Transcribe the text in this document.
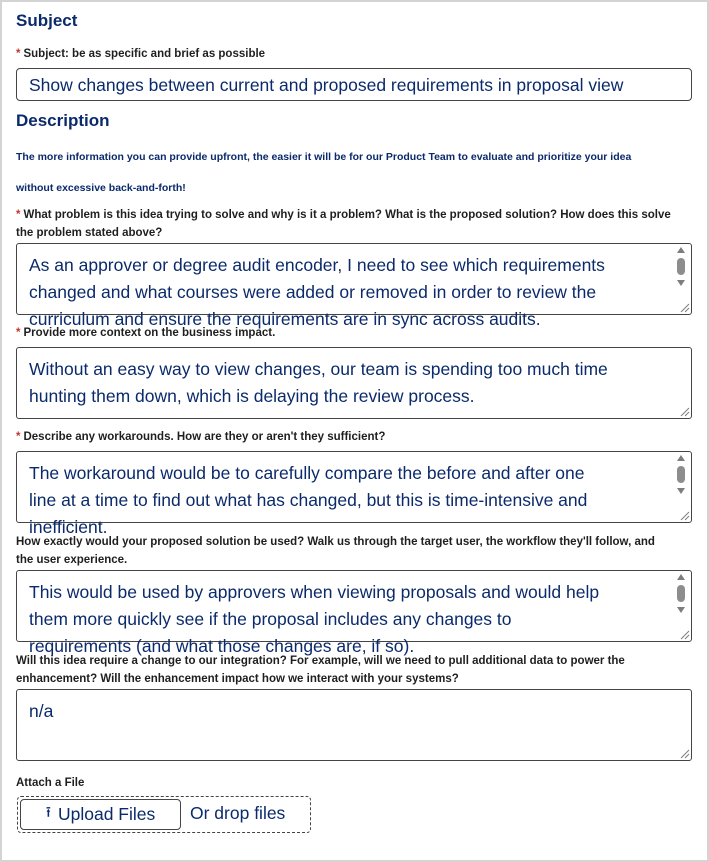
Subject
* Subject: be as specific and brief as possible
Show changes between current and proposed requirements in proposal view
Description
The more information you can provide upfront, the easier it will be for our Product Team to evaluate and prioritize your idea
without excessive back-and-forth!
* What problem is this idea trying to solve and why is it a problem? What is the proposed solution? How does this solve
the problem stated above?
As an approver or degree audit encoder, I need to see which requirements
changed and what courses were added or removed in order to review the
curriculum and ensure the requirements are in sync across audits.
* Provide more context on the business impact.
Without an easy way to view changes, our team is spending too much time
hunting them down, which is delaying the review process.
* Describe any workarounds. How are they or aren't they sufficient?
The workaround would be to carefully compare the before and after one
line at a time to find out what has changed, but this is time-intensive and
inefficient.
How exactly would your proposed solution be used? Walk us through the target user, the workflow they'll follow, and
the user experience.
This would be used by approvers when viewing proposals and would help
them more quickly see if the proposal includes any changes to
requirements (and what those changes are, if so).
Will this idea require a change to our integration? For example, will we need to pull additional data to power the
enhancement? Will the enhancement impact how we interact with your systems?
n/a
Attach a File
⭱ Upload Files Or drop files
